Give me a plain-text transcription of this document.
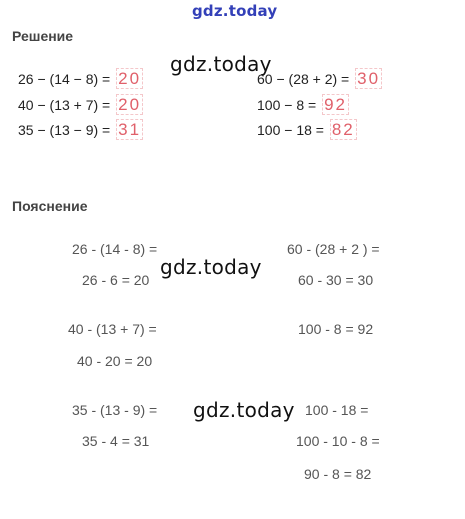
gdz.today
Решение
gdz.today
26 − (14 − 8) = 20
40 − (13 + 7) = 20
35 − (13 − 9) = 31
60 − (28 + 2) = 30
100 − 8 = 92
100 − 18 = 82
Пояснение
26 - (14 - 8) =
26 - 6 = 20
60 - (28 + 2 ) =
60 - 30 = 30
gdz.today
40 - (13 + 7) =
40 - 20 = 20
100 - 8 = 92
35 - (13 - 9) =
35 - 4 = 31
gdz.today 100 - 18 =
100 - 10 - 8 =
90 - 8 = 82
